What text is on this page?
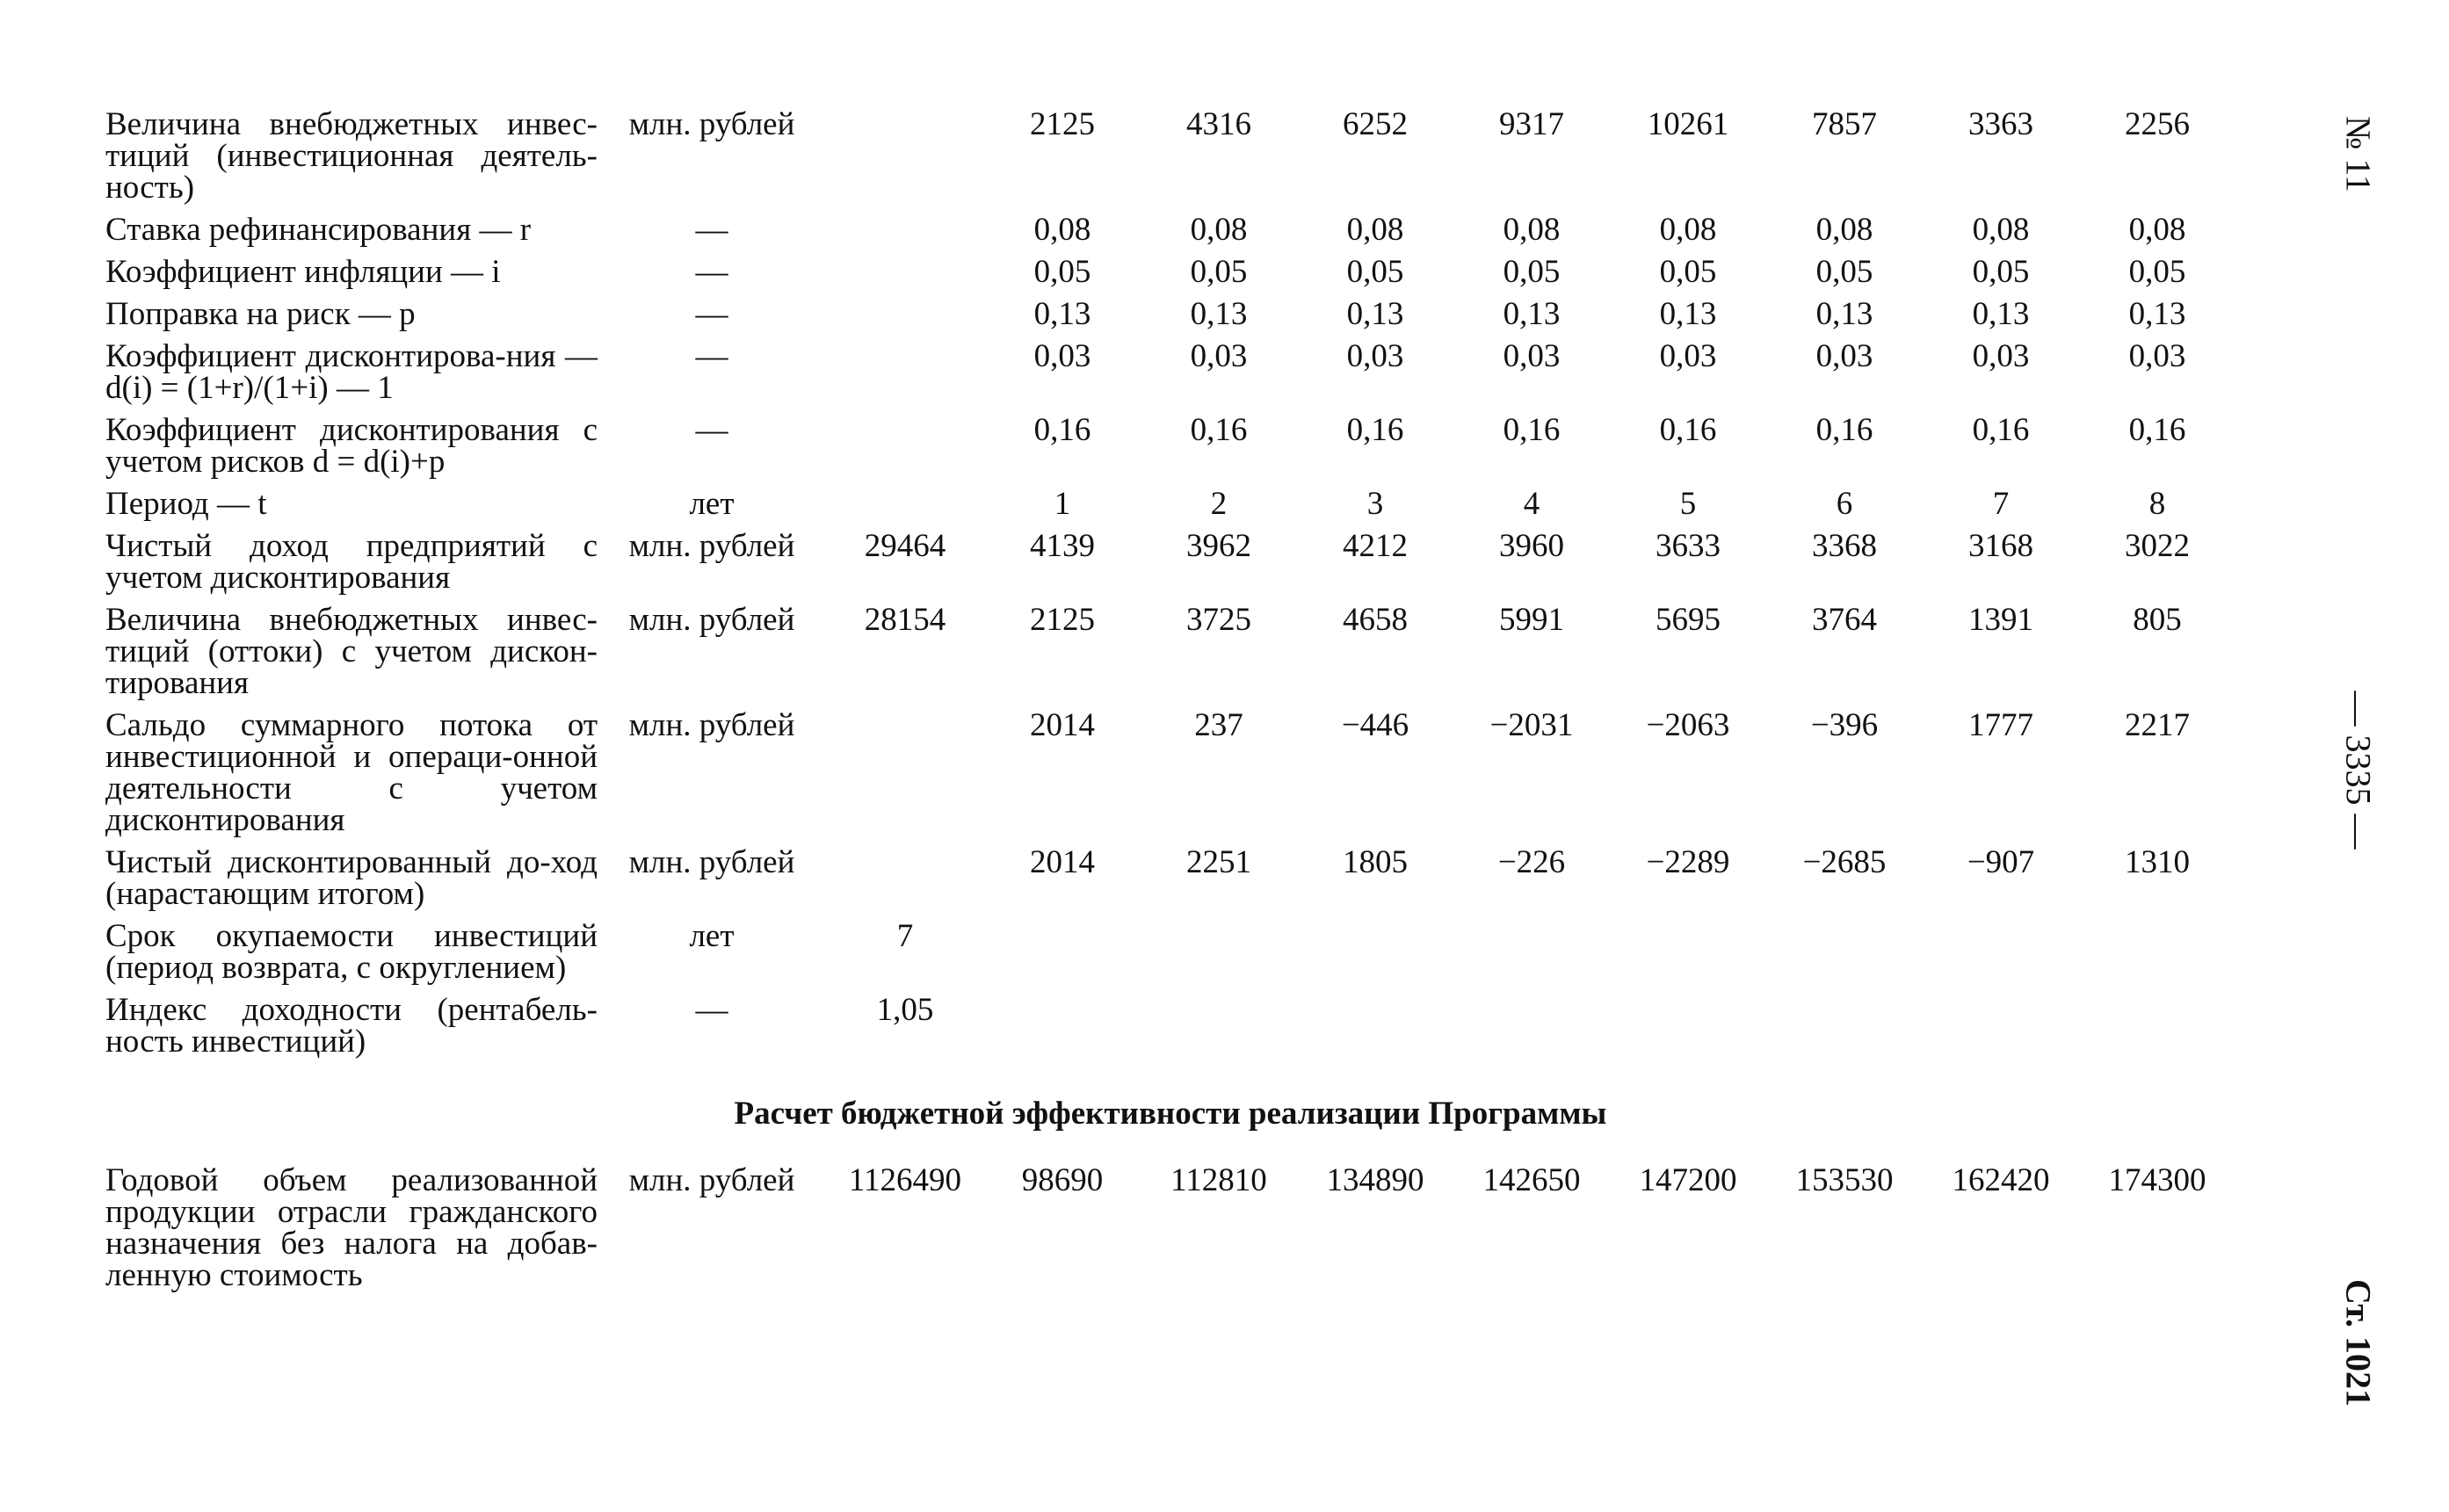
Величина внебюджетных инвес-тиций (инвестиционная деятель-ность)	млн. рублей		2125	4316	6252	9317	10261	7857	3363	2256
Ставка рефинансирования — r	—		0,08	0,08	0,08	0,08	0,08	0,08	0,08	0,08
Коэффициент инфляции — i	—		0,05	0,05	0,05	0,05	0,05	0,05	0,05	0,05
Поправка на риск — p	—		0,13	0,13	0,13	0,13	0,13	0,13	0,13	0,13
Коэффициент дисконтирова-ния — d(i) = (1+r)/(1+i) — 1	—		0,03	0,03	0,03	0,03	0,03	0,03	0,03	0,03
Коэффициент дисконтирования с учетом рисков d = d(i)+p	—		0,16	0,16	0,16	0,16	0,16	0,16	0,16	0,16
Период — t	лет		1	2	3	4	5	6	7	8
Чистый доход предприятий с учетом дисконтирования	млн. рублей	29464	4139	3962	4212	3960	3633	3368	3168	3022
Величина внебюджетных инвес-тиций (оттоки) с учетом дискон-тирования	млн. рублей	28154	2125	3725	4658	5991	5695	3764	1391	805
Сальдо суммарного потока от инвестиционной и операци-онной деятельности с учетом дисконтирования	млн. рублей		2014	237	−446	−2031	−2063	−396	1777	2217
Чистый дисконтированный до-ход (нарастающим итогом)	млн. рублей		2014	2251	1805	−226	−2289	−2685	−907	1310
Срок окупаемости инвестиций (период возврата, с округлением)	лет	7								
Индекс доходности (рентабель-ность инвестиций)	—	1,05								
Расчет бюджетной эффективности реализации Программы										
Годовой объем реализованной продукции отрасли гражданского назначения без налога на добав-ленную стоимость	млн. рублей	1126490	98690	112810	134890	142650	147200	153530	162420	174300
№ 11
— 3335 —
Ст. 1021
